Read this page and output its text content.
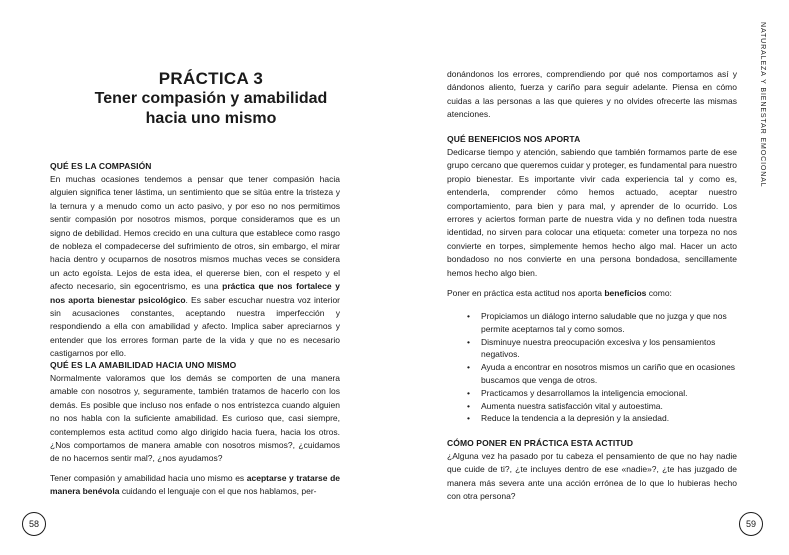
PRÁCTICA 3
Tener compasión y amabilidad
hacia uno mismo
QUÉ ES LA COMPASIÓN

En muchas ocasiones tendemos a pensar que tener compasión hacia alguien significa tener lástima, un sentimiento que se sitúa entre la tristeza y la ternura y a menudo como un acto pasivo, y por eso no nos permitimos sentir compasión por nosotros mismos, porque consideramos que es un signo de debilidad. Hemos crecido en una cultura que establece como rasgo de nobleza el compadecerse del sufrimiento de otros, sin embargo, el mirar hacia dentro y ocuparnos de nosotros mismos muchas veces se considera un acto egoísta. Lejos de esta idea, el quererse bien, con el respeto y el afecto necesario, sin egocentrismo, es una práctica que nos fortalece y nos aporta bienestar psicológico. Es saber escuchar nuestra voz interior sin acusaciones constantes, aceptando nuestra imperfección y respondiendo a ella con amabilidad y afecto. Implica saber apreciarnos y entender que los errores forman parte de la vida y que no es necesario castigarnos por ello.

QUÉ ES LA AMABILIDAD HACIA UNO MISMO

Normalmente valoramos que los demás se comporten de una manera amable con nosotros y, seguramente, también tratamos de hacerlo con los demás. Es posible que incluso nos enfade o nos entristezca cuando alguien no nos habla con la suficiente amabilidad. Es curioso que, casi siempre, contemplemos esta actitud como algo dirigido hacia fuera, hacia los otros. ¿Nos comportamos de manera amable con nosotros mismos?, ¿cuidamos de no hacernos sentir mal?, ¿nos ayudamos?

Tener compasión y amabilidad hacia uno mismo es aceptarse y tratarse de manera benévola cuidando el lenguaje con el que nos hablamos, per-

58
NATURALEZA Y BIENESTAR EMOCIONAL

donándonos los errores, comprendiendo por qué nos comportamos así y dándonos aliento, fuerza y cariño para seguir adelante. Piensa en cómo cuidas a las personas a las que quieres y no olvides ofrecerte las mismas atenciones.

QUÉ BENEFICIOS NOS APORTA

Dedicarse tiempo y atención, sabiendo que también formamos parte de ese grupo cercano que queremos cuidar y proteger, es fundamental para nuestro propio bienestar. Es importante vivir cada experiencia tal y como es, entenderla, comprender cómo hemos actuado, aceptar nuestro comportamiento, para bien y para mal, y aprender de lo ocurrido. Los errores y aciertos forman parte de nuestra vida y no definen toda nuestra identidad, no sirven para colocar una etiqueta: cometer una torpeza no nos convierte en torpes, simplemente hemos hecho algo mal. Hacer un acto bondadoso no nos convierte en una persona bondadosa, sencillamente hemos hecho algo bien.

Poner en práctica esta actitud nos aporta beneficios como:

• Propiciamos un diálogo interno saludable que no juzga y que nos permite aceptarnos tal y como somos.
• Disminuye nuestra preocupación excesiva y los pensamientos negativos.
• Ayuda a encontrar en nosotros mismos un cariño que en ocasiones buscamos que venga de otros.
• Practicamos y desarrollamos la inteligencia emocional.
• Aumenta nuestra satisfacción vital y autoestima.
• Reduce la tendencia a la depresión y la ansiedad.
CÓMO PONER EN PRÁCTICA ESTA ACTITUD

¿Alguna vez ha pasado por tu cabeza el pensamiento de que no hay nadie que cuide de ti?, ¿te incluyes dentro de ese «nadie»?, ¿te has juzgado de manera más severa ante una acción errónea de lo que lo hubieras hecho con otra persona?

59
